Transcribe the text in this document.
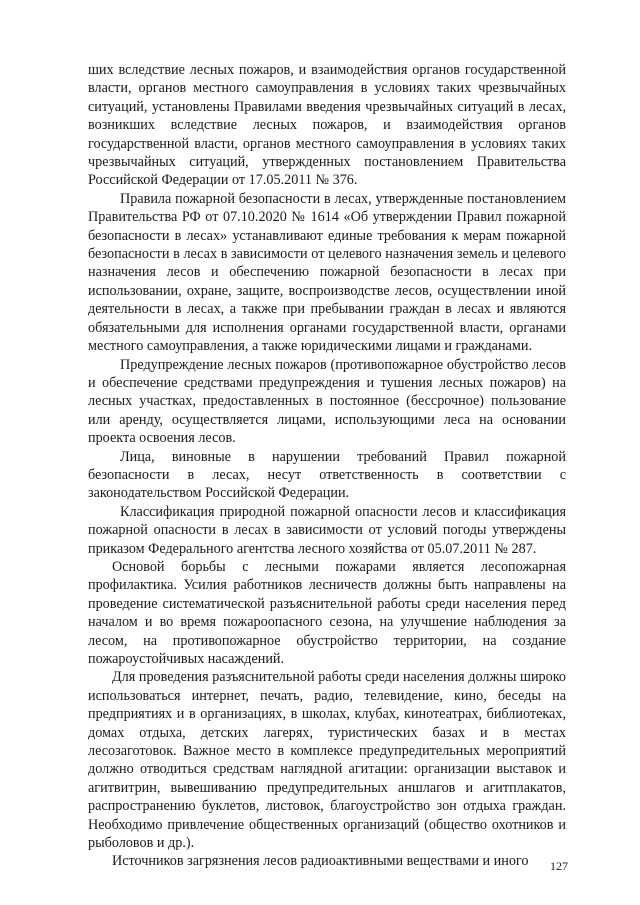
ших вследствие лесных пожаров, и взаимодействия органов государственной власти, органов местного самоуправления в условиях таких чрезвычайных ситуаций, установлены Правилами введения чрезвычайных ситуаций в лесах, возникших вследствие лесных пожаров, и взаимодействия органов государственной власти, органов местного самоуправления в условиях таких чрезвычайных ситуаций, утвержденных постановлением Правительства Российской Федерации от 17.05.2011 № 376.

Правила пожарной безопасности в лесах, утвержденные постановлением Правительства РФ от 07.10.2020 № 1614 «Об утверждении Правил пожарной безопасности в лесах» устанавливают единые требования к мерам пожарной безопасности в лесах в зависимости от целевого назначения земель и целевого назначения лесов и обеспечению пожарной безопасности в лесах при использовании, охране, защите, воспроизводстве лесов, осуществлении иной деятельности в лесах, а также при пребывании граждан в лесах и являются обязательными для исполнения органами государственной власти, органами местного самоуправления, а также юридическими лицами и гражданами.

Предупреждение лесных пожаров (противопожарное обустройство лесов и обеспечение средствами предупреждения и тушения лесных пожаров) на лесных участках, предоставленных в постоянное (бессрочное) пользование или аренду, осуществляется лицами, использующими леса на основании проекта освоения лесов.

Лица, виновные в нарушении требований Правил пожарной безопасности в лесах, несут ответственность в соответствии с законодательством Российской Федерации.

Классификация природной пожарной опасности лесов и классификация пожарной опасности в лесах в зависимости от условий погоды утверждены приказом Федерального агентства лесного хозяйства от 05.07.2011 № 287.

Основой борьбы с лесными пожарами является лесопожарная профилактика. Усилия работников лесничеств должны быть направлены на проведение систематической разъяснительной работы среди населения перед началом и во время пожароопасного сезона, на улучшение наблюдения за лесом, на противопожарное обустройство территории, на создание пожароустойчивых насаждений.

Для проведения разъяснительной работы среди населения должны широко использоваться интернет, печать, радио, телевидение, кино, беседы на предприятиях и в организациях, в школах, клубах, кинотеатрах, библиотеках, домах отдыха, детских лагерях, туристических базах и в местах лесозаготовок. Важное место в комплексе предупредительных мероприятий должно отводиться средствам наглядной агитации: организации выставок и агитвитрин, вывешиванию предупредительных аншлагов и агитплакатов, распространению буклетов, листовок, благоустройство зон отдыха граждан. Необходимо привлечение общественных организаций (общество охотников и рыболовов и др.).

Источников загрязнения лесов радиоактивными веществами и иного	127
